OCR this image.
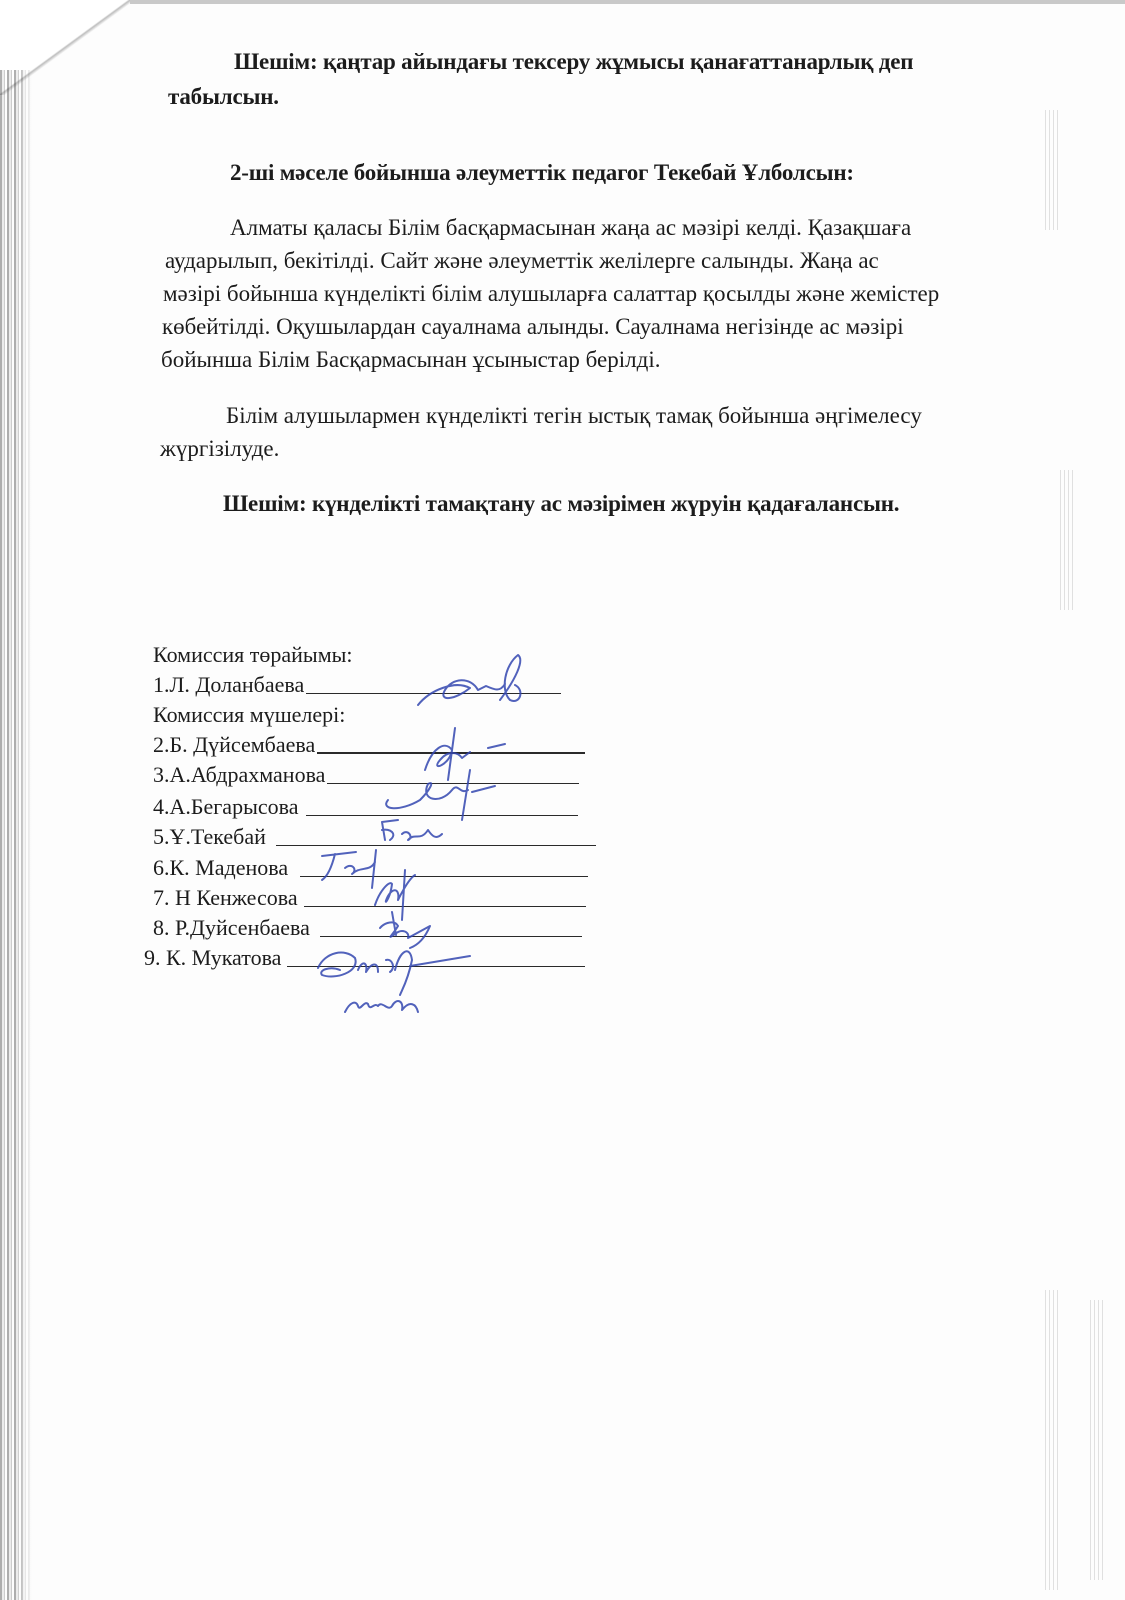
Шешім: қаңтар айындағы тексеру жұмысы қанағаттанарлық деп
табылсын.
2-ші мәселе бойынша әлеуметтік педагог Текебай Ұлболсын:
Алматы қаласы Білім басқармасынан жаңа ас мәзірі келді. Қазақшаға
аударылып, бекітілді. Сайт және әлеуметтік желілерге салынды. Жаңа ас
мәзірі бойынша күнделікті білім алушыларға салаттар қосылды және жемістер
көбейтілді. Оқушылардан сауалнама алынды. Сауалнама негізінде ас мәзірі
бойынша Білім Басқармасынан ұсыныстар берілді.
Білім алушылармен күнделікті тегін ыстық тамақ бойынша әңгімелесу
жүргізілуде.
Шешім: күнделікті тамақтану ас мәзірімен жүруін қадағалансын.
Комиссия төрайымы:
1.Л. Доланбаева
Комиссия мүшелері:
2.Б. Дүйсембаева
3.А.Абдрахманова
4.А.Бегарысова
5.Ұ.Текебай
6.К. Маденова
7. Н Кенжесова
8. Р.Дуйсенбаева
9. К. Мукатова
